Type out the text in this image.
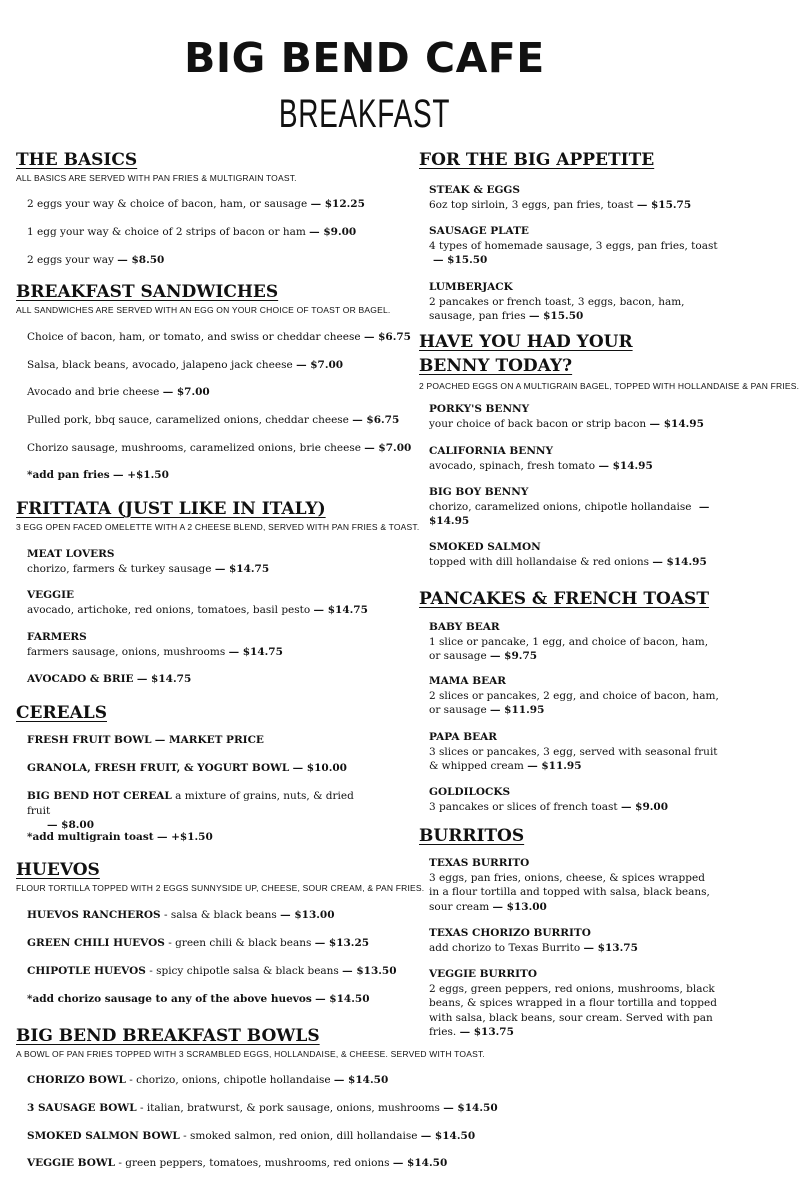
BIG BEND CAFE
BREAKFAST
THE BASICS
ALL BASICS ARE SERVED WITH PAN FRIES & MULTIGRAIN TOAST.
2 eggs your way & choice of bacon, ham, or sausage — $12.25
1 egg your way & choice of 2 strips of bacon or ham — $9.00
2 eggs your way — $8.50
BREAKFAST SANDWICHES
ALL SANDWICHES ARE SERVED WITH AN EGG ON YOUR CHOICE OF TOAST OR BAGEL.
Choice of bacon, ham, or tomato, and swiss or cheddar cheese — $6.75
Salsa, black beans, avocado, jalapeno jack cheese — $7.00
Avocado and brie cheese — $7.00
Pulled pork, bbq sauce, caramelized onions, cheddar cheese — $6.75
Chorizo sausage, mushrooms, caramelized onions, brie cheese — $7.00
*add pan fries — +$1.50
FRITTATA (JUST LIKE IN ITALY)
3 EGG OPEN FACED OMELETTE WITH A 2 CHEESE BLEND, SERVED WITH PAN FRIES & TOAST.
MEAT LOVERS
chorizo, farmers & turkey sausage — $14.75
VEGGIE
avocado, artichoke, red onions, tomatoes, basil pesto — $14.75
FARMERS
farmers sausage, onions, mushrooms — $14.75
AVOCADO & BRIE — $14.75
CEREALS
FRESH FRUIT BOWL — MARKET PRICE
GRANOLA, FRESH FRUIT, & YOGURT BOWL — $10.00
BIG BEND HOT CEREAL a mixture of grains, nuts, & dried fruit
— $8.00
*add multigrain toast — +$1.50
HUEVOS
FLOUR TORTILLA TOPPED WITH 2 EGGS SUNNYSIDE UP, CHEESE, SOUR CREAM, & PAN FRIES.
HUEVOS RANCHEROS - salsa & black beans — $13.00
GREEN CHILI HUEVOS - green chili & black beans — $13.25
CHIPOTLE HUEVOS - spicy chipotle salsa & black beans — $13.50
*add chorizo sausage to any of the above huevos — $14.50
BIG BEND BREAKFAST BOWLS
A BOWL OF PAN FRIES TOPPED WITH 3 SCRAMBLED EGGS, HOLLANDAISE, & CHEESE. SERVED WITH TOAST.
CHORIZO BOWL - chorizo, onions, chipotle hollandaise — $14.50
3 SAUSAGE BOWL - italian, bratwurst, & pork sausage, onions, mushrooms — $14.50
SMOKED SALMON BOWL - smoked salmon, red onion, dill hollandaise — $14.50
VEGGIE BOWL - green peppers, tomatoes, mushrooms, red onions — $14.50
FOR THE BIG APPETITE
STEAK & EGGS
6oz top sirloin, 3 eggs, pan fries, toast — $15.75
SAUSAGE PLATE
4 types of homemade sausage, 3 eggs, pan fries, toast — $15.50
LUMBERJACK
2 pancakes or french toast, 3 eggs, bacon, ham, sausage, pan fries — $15.50
HAVE YOU HAD YOUR
BENNY TODAY?
2 POACHED EGGS ON A MULTIGRAIN BAGEL, TOPPED WITH HOLLANDAISE & PAN FRIES.
PORKY'S BENNY
your choice of back bacon or strip bacon — $14.95
CALIFORNIA BENNY
avocado, spinach, fresh tomato — $14.95
BIG BOY BENNY
chorizo, caramelized onions, chipotle hollandaise — $14.95
SMOKED SALMON
topped with dill hollandaise & red onions — $14.95
PANCAKES & FRENCH TOAST
BABY BEAR
1 slice or pancake, 1 egg, and choice of bacon, ham, or sausage — $9.75
MAMA BEAR
2 slices or pancakes, 2 egg, and choice of bacon, ham, or sausage — $11.95
PAPA BEAR
3 slices or pancakes, 3 egg, served with seasonal fruit & whipped cream — $11.95
GOLDILOCKS
3 pancakes or slices of french toast — $9.00
BURRITOS
TEXAS BURRITO
3 eggs, pan fries, onions, cheese, & spices wrapped in a flour tortilla and topped with salsa, black beans, sour cream — $13.00
TEXAS CHORIZO BURRITO
add chorizo to Texas Burrito — $13.75
VEGGIE BURRITO
2 eggs, green peppers, red onions, mushrooms, black beans, & spices wrapped in a flour tortilla and topped with salsa, black beans, sour cream. Served with pan fries. — $13.75
